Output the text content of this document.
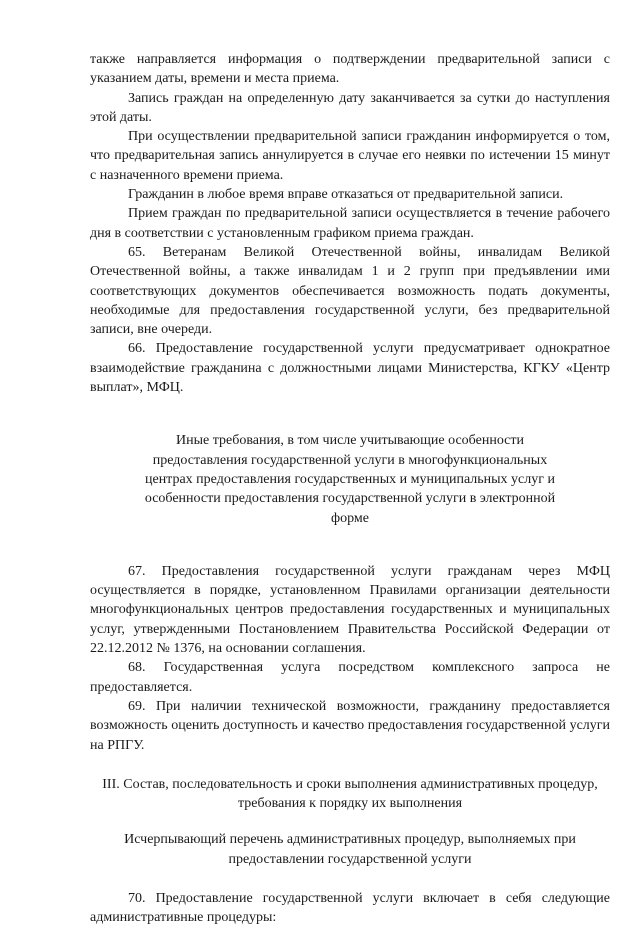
также направляется информация о подтверждении предварительной записи с указанием даты, времени и места приема.

Запись граждан на определенную дату заканчивается за сутки до наступления этой даты.

При осуществлении предварительной записи гражданин информируется о том, что предварительная запись аннулируется в случае его неявки по истечении 15 минут с назначенного времени приема.

Гражданин в любое время вправе отказаться от предварительной записи.

Прием граждан по предварительной записи осуществляется в течение рабочего дня в соответствии с установленным графиком приема граждан.

65. Ветеранам Великой Отечественной войны, инвалидам Великой Отечественной войны, а также инвалидам 1 и 2 групп при предъявлении ими соответствующих документов обеспечивается возможность подать документы, необходимые для предоставления государственной услуги, без предварительной записи, вне очереди.

66. Предоставление государственной услуги предусматривает однократное взаимодействие гражданина с должностными лицами Министерства, КГКУ «Центр выплат», МФЦ.

Иные требования, в том числе учитывающие особенности предоставления государственной услуги в многофункциональных центрах предоставления государственных и муниципальных услуг и особенности предоставления государственной услуги в электронной форме

67. Предоставления государственной услуги гражданам через МФЦ осуществляется в порядке, установленном Правилами организации деятельности многофункциональных центров предоставления государственных и муниципальных услуг, утвержденными Постановлением Правительства Российской Федерации от 22.12.2012 № 1376, на основании соглашения.

68. Государственная услуга посредством комплексного запроса не предоставляется.

69. При наличии технической возможности, гражданину предоставляется возможность оценить доступность и качество предоставления государственной услуги на РПГУ.

III. Состав, последовательность и сроки выполнения административных процедур, требования к порядку их выполнения

Исчерпывающий перечень административных процедур, выполняемых при предоставлении государственной услуги

70. Предоставление государственной услуги включает в себя следующие административные процедуры:
